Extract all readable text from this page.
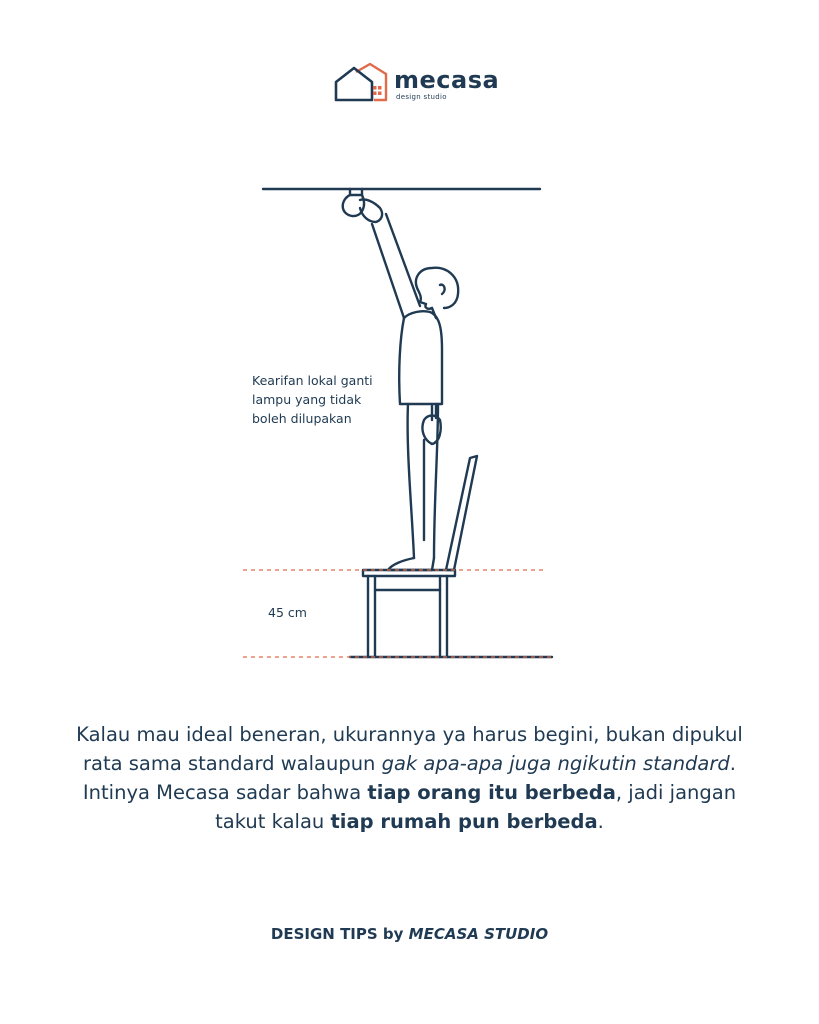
mecasa
design studio
Kearifan lokal ganti lampu yang tidak boleh dilupakan
45 cm
Kalau mau ideal beneran, ukurannya ya harus begini, bukan dipukul rata sama standard walaupun gak apa-apa juga ngikutin standard. Intinya Mecasa sadar bahwa tiap orang itu berbeda, jadi jangan takut kalau tiap rumah pun berbeda.
DESIGN TIPS by MECASA STUDIO
